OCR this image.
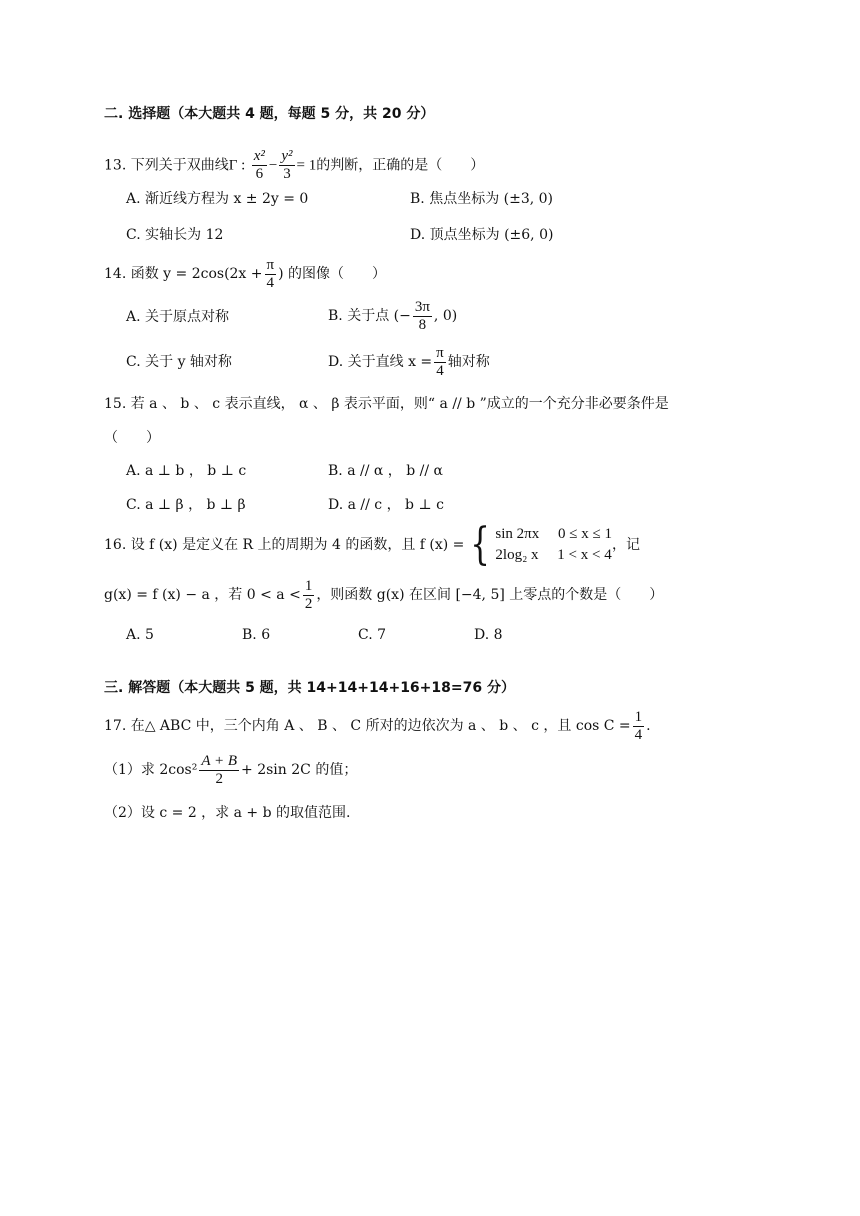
二. 选择题（本大题共 4 题，每题 5 分，共 20 分）
13. 下列关于双曲线Γ : $\frac{\text{x²}}{6} - \frac{\text{y²}}{3} = 1$的判断，正确的是（　　）
A. 渐近线方程为 x ± 2y = 0	B. 焦点坐标为 (±3, 0)
C. 实轴长为 12	D. 顶点坐标为 (±6, 0)
14. 函数 $y = 2\cos(2x + \frac{\pi}{4}$ ) 的图像（　　）
A. 关于原点对称	B. 关于点 (− $\frac{3\pi}{8}$ , 0)
C. 关于 y 轴对称	D. 关于直线 $x = \frac{\pi}{4}$ 轴对称
15. 若 a 、 b 、 c 表示直线， α 、 β 表示平面，则“ a // b ”成立的一个充分非必要条件是
（　　）
A. a ⊥ b ， b ⊥ c	B. a // α ， b // α
C. a ⊥ β ， b ⊥ β	D. a // c ， b ⊥ c
16. 设 f (x) 是定义在 R 上的周期为 4 的函数，且 f (x) = { sin 2πx　 0 ≤ x ≤ 1
2log₂ x　 1 < x < 4
，记
g(x) = f (x) − a ，若 $0 < a < \frac{1}{2}$ ，则函数 g(x) 在区间 [−4, 5] 上零点的个数是（　　）
A. 5	B. 6	C. 7	D. 8
三. 解答题（本大题共 5 题，共 14+14+14+16+18=76 分）
17. 在△ ABC 中，三个内角 A 、 B 、 C 所对的边依次为 a 、 b 、 c ，且 $\cos C = \frac{1}{4}$ .
（1）求 $2\cos^2 \frac{A + B}{2} + 2\sin$ 2C 的值；
（2）设 c = 2 ，求 a + b 的取值范围.
